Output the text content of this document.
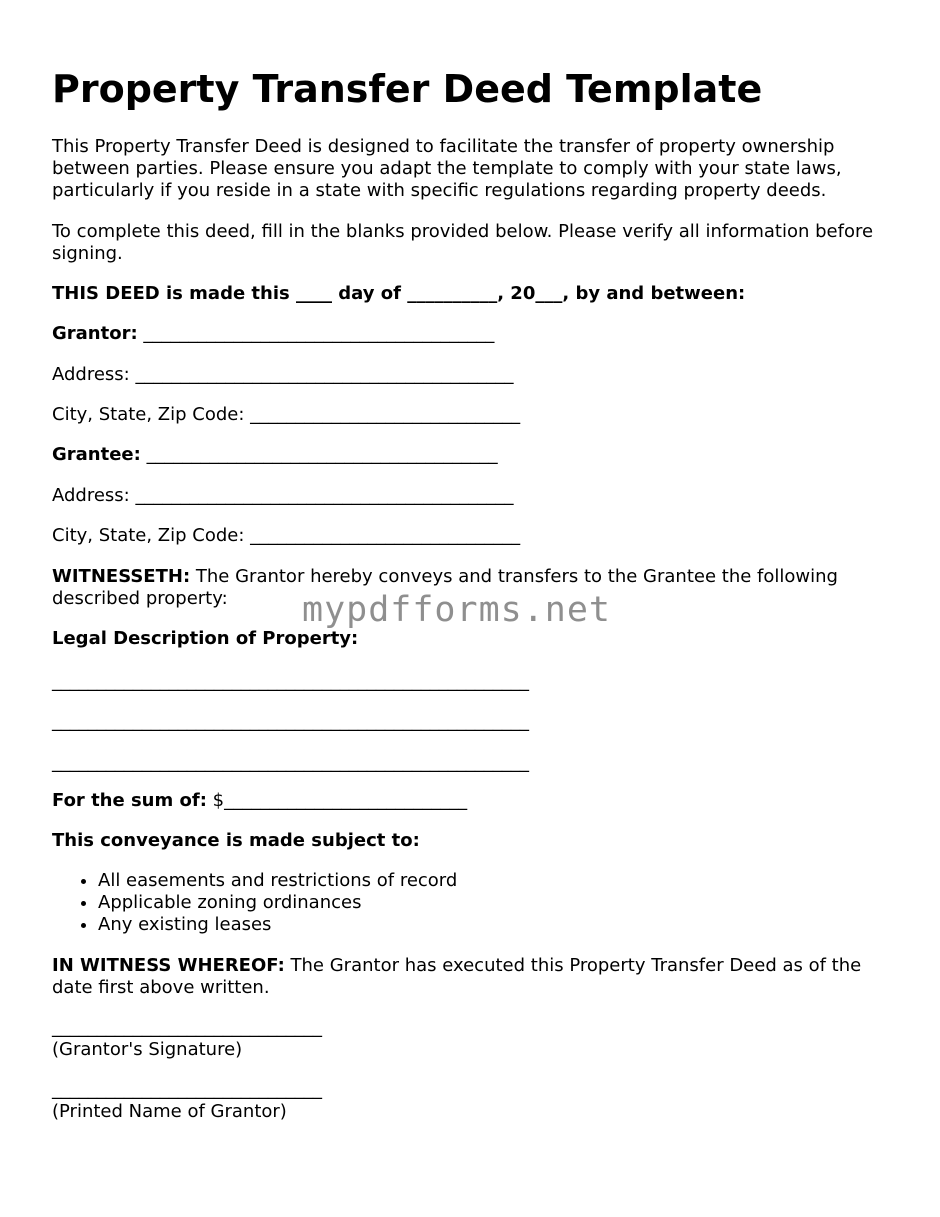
Property Transfer Deed Template

This Property Transfer Deed is designed to facilitate the transfer of property ownership between parties. Please ensure you adapt the template to comply with your state laws, particularly if you reside in a state with specific regulations regarding property deeds.

To complete this deed, fill in the blanks provided below. Please verify all information before signing.

THIS DEED is made this ____ day of __________, 20___, by and between:

Grantor: _______________________________________

Address: __________________________________________

City, State, Zip Code: ______________________________

Grantee: _______________________________________

Address: __________________________________________

City, State, Zip Code: ______________________________

WITNESSETH: The Grantor hereby conveys and transfers to the Grantee the following described property:

Legal Description of Property:

_____________________________________________________

_____________________________________________________

_____________________________________________________

For the sum of: $___________________________

This conveyance is made subject to:

• All easements and restrictions of record
• Applicable zoning ordinances
• Any existing leases

IN WITNESS WHEREOF: The Grantor has executed this Property Transfer Deed as of the date first above written.

______________________________

(Grantor's Signature)

______________________________

(Printed Name of Grantor)

mypdfforms.net
